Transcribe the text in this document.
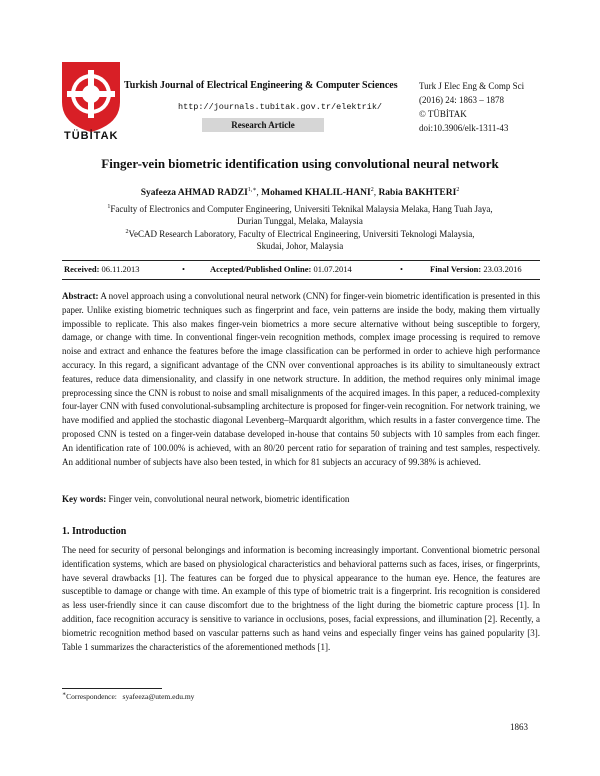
TÜBİTAK
Turkish Journal of Electrical Engineering & Computer Sciences
http://journals.tubitak.gov.tr/elektrik/
Research Article
Turk J Elec Eng & Comp Sci
(2016) 24: 1863 – 1878
© TÜBİTAK
doi:10.3906/elk-1311-43
Finger-vein biometric identification using convolutional neural network
Syafeeza AHMAD $RADZI^{1,∗}$, Mohamed KHALIL-HANI$^2$, Rabia BAKHTERI$^2$
$^1$Faculty of Electronics and Computer Engineering, Universiti Teknikal Malaysia Melaka, Hang Tuah Jaya,
Durian Tunggal, Melaka, Malaysia
$^2$VeCAD Research Laboratory, Faculty of Electrical Engineering, Universiti Teknologi Malaysia,
Skudai, Johor, Malaysia
Received: 06.11.2013	•	Accepted/Published Online: 01.07.2014	•	Final Version: 23.03.2016
Abstract: A novel approach using a convolutional neural network (CNN) for finger-vein biometric identification is presented in this paper. Unlike existing biometric techniques such as fingerprint and face, vein patterns are inside the body, making them virtually impossible to replicate. This also makes finger-vein biometrics a more secure alternative without being susceptible to forgery, damage, or change with time. In conventional finger-vein recognition methods, complex image processing is required to remove noise and extract and enhance the features before the image classification can be performed in order to achieve high performance accuracy. In this regard, a significant advantage of the CNN over conventional approaches is its ability to simultaneously extract features, reduce data dimensionality, and classify in one network structure. In addition, the method requires only minimal image preprocessing since the CNN is robust to noise and small misalignments of the acquired images. In this paper, a reduced-complexity four-layer CNN with fused convolutional-subsampling architecture is proposed for finger-vein recognition. For network training, we have modified and applied the stochastic diagonal Levenberg–Marquardt algorithm, which results in a faster convergence time. The proposed CNN is tested on a finger-vein database developed in-house that contains 50 subjects with 10 samples from each finger. An identification rate of 100.00% is achieved, with an 80/20 percent ratio for separation of training and test samples, respectively. An additional number of subjects have also been tested, in which for 81 subjects an accuracy of 99.38% is achieved.
Key words: Finger vein, convolutional neural network, biometric identification
1. Introduction
The need for security of personal belongings and information is becoming increasingly important. Conventional biometric personal identification systems, which are based on physiological characteristics and behavioral patterns such as faces, irises, or fingerprints, have several drawbacks [1]. The features can be forged due to physical appearance to the human eye. Hence, the features are susceptible to damage or change with time. An example of this type of biometric trait is a fingerprint. Iris recognition is considered as less user-friendly since it can cause discomfort due to the brightness of the light during the biometric capture process [1]. In addition, face recognition accuracy is sensitive to variance in occlusions, poses, facial expressions, and illumination [2]. Recently, a biometric recognition method based on vascular patterns such as hand veins and especially finger veins has gained popularity [3]. Table 1 summarizes the characteristics of the aforementioned methods [1].
∗Correspondence: syafeeza@utem.edu.my
1863
